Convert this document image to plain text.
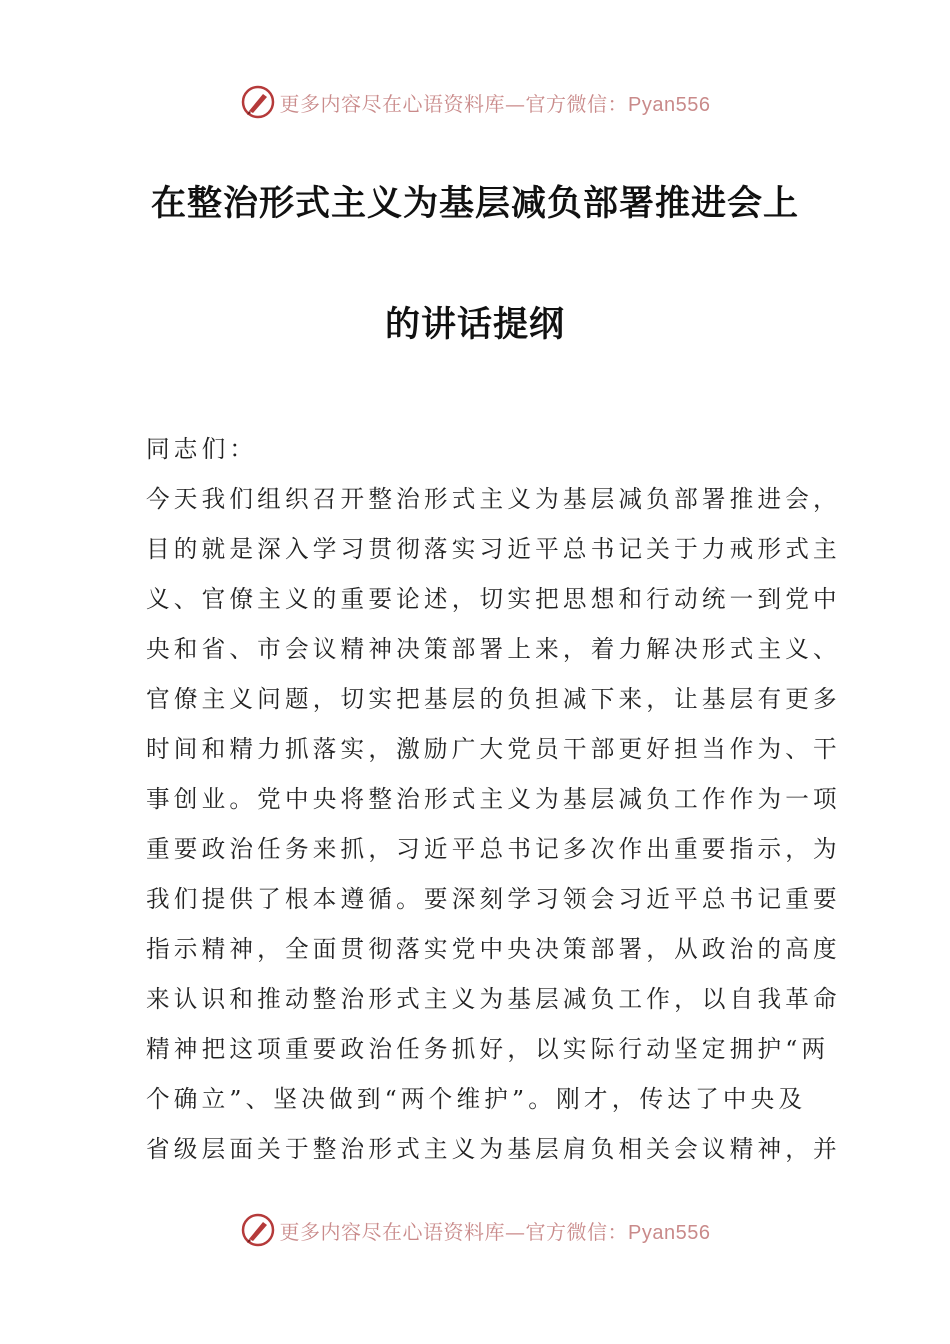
更多内容尽在心语资料库—官方微信：Pyan556
在整治形式主义为基层减负部署推进会上
的讲话提纲
同志们：
今天我们组织召开整治形式主义为基层减负部署推进会，
目的就是深入学习贯彻落实习近平总书记关于力戒形式主
义、官僚主义的重要论述，切实把思想和行动统一到党中
央和省、市会议精神决策部署上来，着力解决形式主义、
官僚主义问题，切实把基层的负担减下来，让基层有更多
时间和精力抓落实，激励广大党员干部更好担当作为、干
事创业。党中央将整治形式主义为基层减负工作作为一项
重要政治任务来抓，习近平总书记多次作出重要指示，为
我们提供了根本遵循。要深刻学习领会习近平总书记重要
指示精神，全面贯彻落实党中央决策部署，从政治的高度
来认识和推动整治形式主义为基层减负工作，以自我革命
精神把这项重要政治任务抓好，以实际行动坚定拥护“两
个确立”、坚决做到“两个维护”。刚才，传达了中央及
省级层面关于整治形式主义为基层肩负相关会议精神，并
更多内容尽在心语资料库—官方微信：Pyan556
